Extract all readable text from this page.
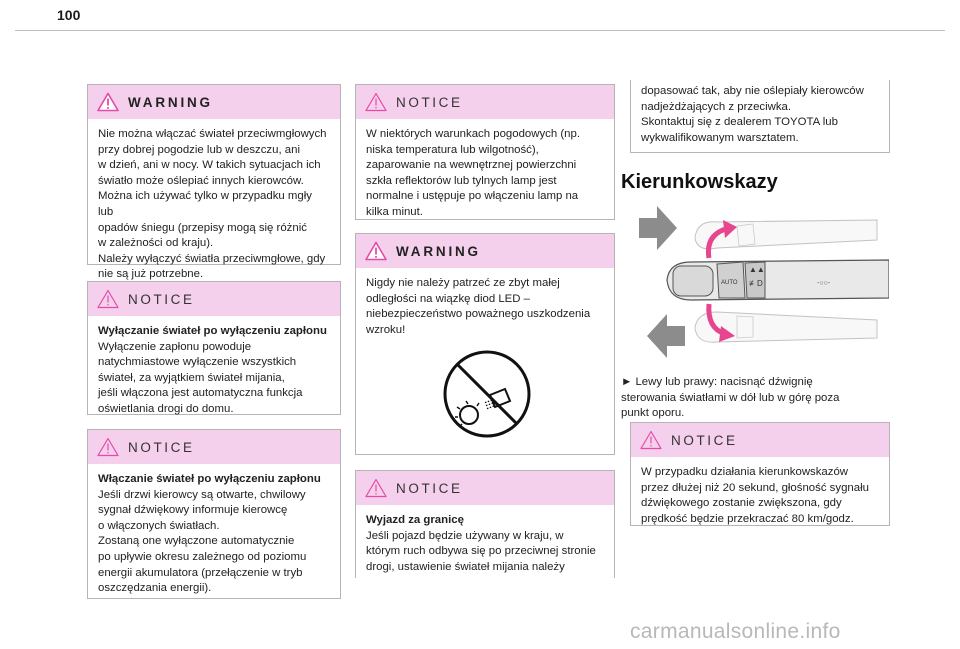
100
WARNING

Nie można włączać świateł przeciwmgłowych

przy dobrej pogodzie lub w deszczu, ani

w dzień, ani w nocy. W takich sytuacjach ich

światło może oślepiać innych kierowców.

Można ich używać tylko w przypadku mgły lub

opadów śniegu (przepisy mogą się różnić

w zależności od kraju).

Należy wyłączyć światła przeciwmgłowe, gdy

nie są już potrzebne.

NOTICE

Wyłączanie świateł po wyłączeniu zapłonu

Wyłączenie zapłonu powoduje

natychmiastowe wyłączenie wszystkich

świateł, za wyjątkiem świateł mijania,

jeśli włączona jest automatyczna funkcja

oświetlania drogi do domu.

NOTICE

Włączanie świateł po wyłączeniu zapłonu

Jeśli drzwi kierowcy są otwarte, chwilowy

sygnał dźwiękowy informuje kierowcę

o włączonych światłach.

Zostaną one wyłączone automatycznie

po upływie okresu zależnego od poziomu

energii akumulatora (przełączenie w tryb

oszczędzania energii).

NOTICE

W niektórych warunkach pogodowych (np.

niska temperatura lub wilgotność),

zaparowanie na wewnętrznej powierzchni

szkła reflektorów lub tylnych lamp jest

normalne i ustępuje po włączeniu lamp na

kilka minut.

WARNING

Nigdy nie należy patrzeć ze zbyt małej

odległości na wiązkę diod LED –

niebezpieczeństwo poważnego uszkodzenia

wzroku!

NOTICE

Wyjazd za granicę

Jeśli pojazd będzie używany w kraju, w

którym ruch odbywa się po przeciwnej stronie

drogi, ustawienie świateł mijania należy

dopasować tak, aby nie oślepiały kierowców

nadjeżdżających z przeciwka.

Skontaktuj się z dealerem TOYOTA lub

wykwalifikowanym warsztatem.

Kierunkowskazy
AUTO
▲▲
≢D	-○○-

► Lewy lub prawy: nacisnąć dźwignię

sterowania światłami w dół lub w górę poza

punkt oporu.

NOTICE

W przypadku działania kierunkowskazów

przez dłużej niż 20 sekund, głośność sygnału

dźwiękowego zostanie zwiększona, gdy

prędkość będzie przekraczać 80 km/godz.

carmanualsonline.info
